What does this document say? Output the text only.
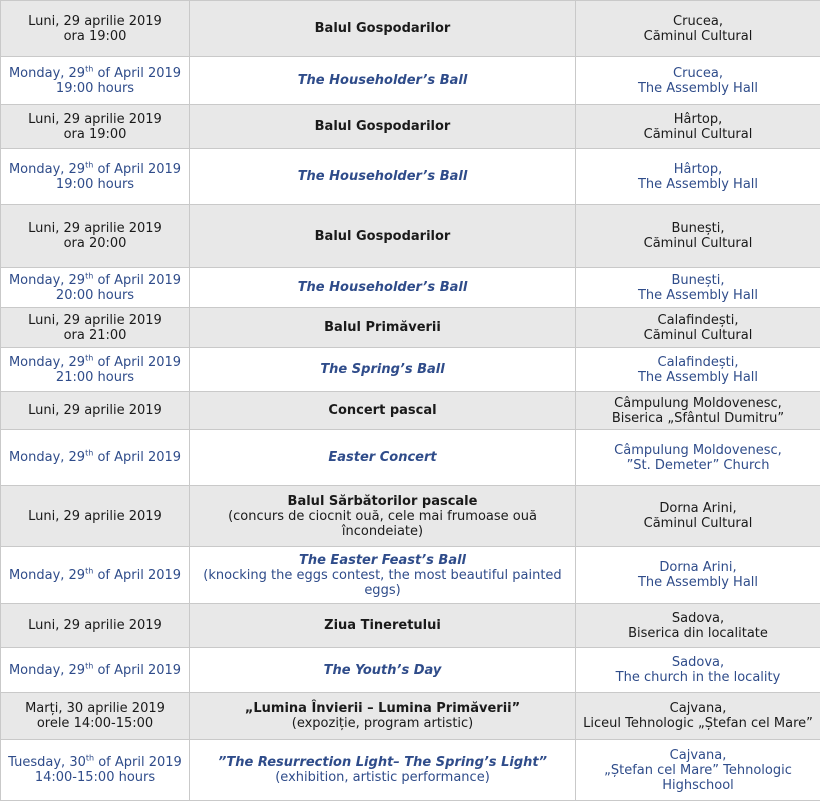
Luni, 29 aprilie 2019
ora 19:00	Balul Gospodarilor	Crucea,
Căminul Cultural

Monday, 29th of April 2019
19:00 hours	The Householder’s Ball	Crucea,
The Assembly Hall

Luni, 29 aprilie 2019
ora 19:00	Balul Gospodarilor	Hârtop,
Căminul Cultural

Monday, 29th of April 2019
19:00 hours	The Householder’s Ball	Hârtop,
The Assembly Hall

Luni, 29 aprilie 2019
ora 20:00	Balul Gospodarilor	Bunești,
Căminul Cultural

Monday, 29th of April 2019
20:00 hours	The Householder’s Ball	Bunești,
The Assembly Hall

Luni, 29 aprilie 2019
ora 21:00	Balul Primăverii	Calafindești,
Căminul Cultural

Monday, 29th of April 2019
21:00 hours	The Spring’s Ball	Calafindești,
The Assembly Hall

Luni, 29 aprilie 2019	Concert pascal	Câmpulung Moldovenesc,
Biserica „Sfântul Dumitru”

Monday, 29th of April 2019	Easter Concert	Câmpulung Moldovenesc,
”St. Demeter” Church

Luni, 29 aprilie 2019	Balul Sărbătorilor pascale
(concurs de ciocnit ouă, cele mai frumoase ouă
încondeiate)	Dorna Arini,
Căminul Cultural

Monday, 29th of April 2019	The Easter Feast’s Ball
(knocking the eggs contest, the most beautiful painted
eggs)	Dorna Arini,
The Assembly Hall

Luni, 29 aprilie 2019	Ziua Tineretului	Sadova,
Biserica din localitate

Monday, 29th of April 2019	The Youth’s Day	Sadova,
The church in the locality

Marți, 30 aprilie 2019
orele 14:00-15:00	„Lumina Învierii – Lumina Primăverii”
(expoziție, program artistic)	Cajvana,
Liceul Tehnologic „Ștefan cel Mare”

Tuesday, 30th of April 2019
14:00-15:00 hours	”The Resurrection Light– The Spring’s Light”
(exhibition, artistic performance)	Cajvana,
„Ștefan cel Mare” Tehnologic
Highschool
